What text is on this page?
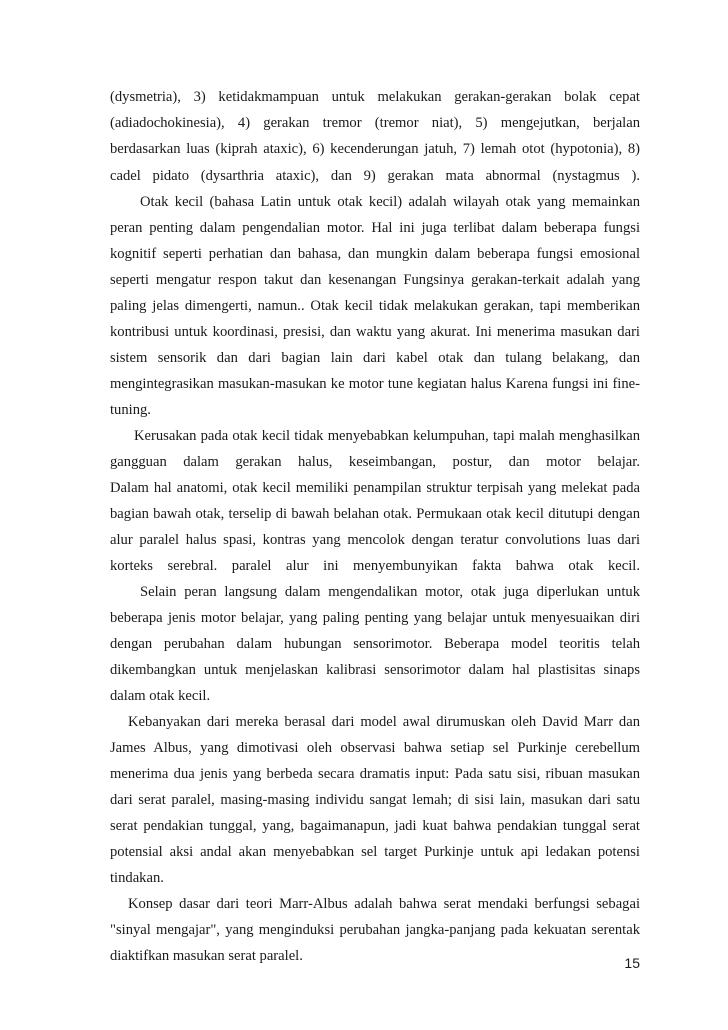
(dysmetria), 3) ketidakmampuan untuk melakukan gerakan-gerakan bolak cepat

(adiadochokinesia), 4) gerakan tremor (tremor niat), 5) mengejutkan, berjalan

berdasarkan luas (kiprah ataxic), 6) kecenderungan jatuh, 7) lemah otot (hypotonia), 8)

cadel pidato (dysarthria ataxic), dan 9) gerakan mata abnormal (nystagmus ).

Otak kecil (bahasa Latin untuk otak kecil) adalah wilayah otak yang memainkan

peran penting dalam pengendalian motor. Hal ini juga terlibat dalam beberapa fungsi

kognitif seperti perhatian dan bahasa, dan mungkin dalam beberapa fungsi emosional

seperti mengatur respon takut dan kesenangan Fungsinya gerakan-terkait adalah yang

paling jelas dimengerti, namun.. Otak kecil tidak melakukan gerakan, tapi memberikan

kontribusi untuk koordinasi, presisi, dan waktu yang akurat. Ini menerima masukan dari

sistem sensorik dan dari bagian lain dari kabel otak dan tulang belakang, dan

mengintegrasikan masukan-masukan ke motor tune kegiatan halus Karena fungsi ini fine-

tuning.

Kerusakan pada otak kecil tidak menyebabkan kelumpuhan, tapi malah menghasilkan

gangguan dalam gerakan halus, keseimbangan, postur, dan motor belajar.

Dalam hal anatomi, otak kecil memiliki penampilan struktur terpisah yang melekat pada

bagian bawah otak, terselip di bawah belahan otak. Permukaan otak kecil ditutupi dengan

alur paralel halus spasi, kontras yang mencolok dengan teratur convolutions luas dari

korteks serebral. paralel alur ini menyembunyikan fakta bahwa otak kecil.

Selain peran langsung dalam mengendalikan motor, otak juga diperlukan untuk

beberapa jenis motor belajar, yang paling penting yang belajar untuk menyesuaikan diri

dengan perubahan dalam hubungan sensorimotor. Beberapa model teoritis telah

dikembangkan untuk menjelaskan kalibrasi sensorimotor dalam hal plastisitas sinaps

dalam otak kecil.

Kebanyakan dari mereka berasal dari model awal dirumuskan oleh David Marr dan

James Albus, yang dimotivasi oleh observasi bahwa setiap sel Purkinje cerebellum

menerima dua jenis yang berbeda secara dramatis input: Pada satu sisi, ribuan masukan

dari serat paralel, masing-masing individu sangat lemah; di sisi lain, masukan dari satu

serat pendakian tunggal, yang, bagaimanapun, jadi kuat bahwa pendakian tunggal serat

potensial aksi andal akan menyebabkan sel target Purkinje untuk api ledakan potensi

tindakan.

Konsep dasar dari teori Marr-Albus adalah bahwa serat mendaki berfungsi sebagai

"sinyal mengajar", yang menginduksi perubahan jangka-panjang pada kekuatan serentak

diaktifkan masukan serat paralel.	15
